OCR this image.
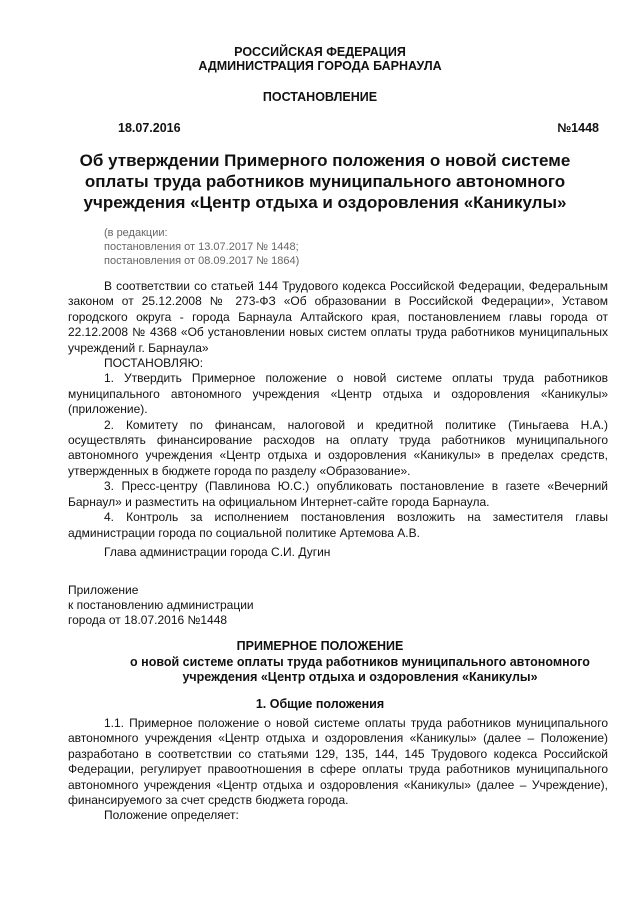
РОССИЙСКАЯ ФЕДЕРАЦИЯ
АДМИНИСТРАЦИЯ ГОРОДА БАРНАУЛА
ПОСТАНОВЛЕНИЕ
18.07.2016	№1448
Об утверждении Примерного положения о новой системе оплаты труда работников муниципального автономного учреждения «Центр отдыха и оздоровления «Каникулы»
(в редакции:
постановления от 13.07.2017 № 1448;
постановления от 08.09.2017 № 1864)

В соответствии со статьей 144 Трудового кодекса Российской Федерации, Федеральным законом от 25.12.2008 № 273-ФЗ «Об образовании в Российской Федерации», Уставом городского округа - города Барнаула Алтайского края, постановлением главы города от 22.12.2008 № 4368 «Об установлении новых систем оплаты труда работников муниципальных учреждений г. Барнаула»

ПОСТАНОВЛЯЮ:

1. Утвердить Примерное положение о новой системе оплаты труда работников муниципального автономного учреждения «Центр отдыха и оздоровления «Каникулы» (приложение).

2. Комитету по финансам, налоговой и кредитной политике (Тиньгаева Н.А.) осуществлять финансирование расходов на оплату труда работников муниципального автономного учреждения «Центр отдыха и оздоровления «Каникулы» в пределах средств, утвержденных в бюджете города по разделу «Образование».

3. Пресс-центру (Павлинова Ю.С.) опубликовать постановление в газете «Вечерний Барнаул» и разместить на официальном Интернет-сайте города Барнаула.

4. Контроль за исполнением постановления возложить на заместителя главы администрации города по социальной политике Артемова А.В.

Глава администрации города С.И. Дугин
Приложение
к постановлению администрации
города от 18.07.2016 №1448
ПРИМЕРНОЕ ПОЛОЖЕНИЕ
о новой системе оплаты труда работников муниципального автономного учреждения «Центр отдыха и оздоровления «Каникулы»
1. Общие положения

1.1. Примерное положение о новой системе оплаты труда работников муниципального автономного учреждения «Центр отдыха и оздоровления «Каникулы» (далее – Положение) разработано в соответствии со статьями 129, 135, 144, 145 Трудового кодекса Российской Федерации, регулирует правоотношения в сфере оплаты труда работников муниципального автономного учреждения «Центр отдыха и оздоровления «Каникулы» (далее – Учреждение), финансируемого за счет средств бюджета города.

Положение определяет:
